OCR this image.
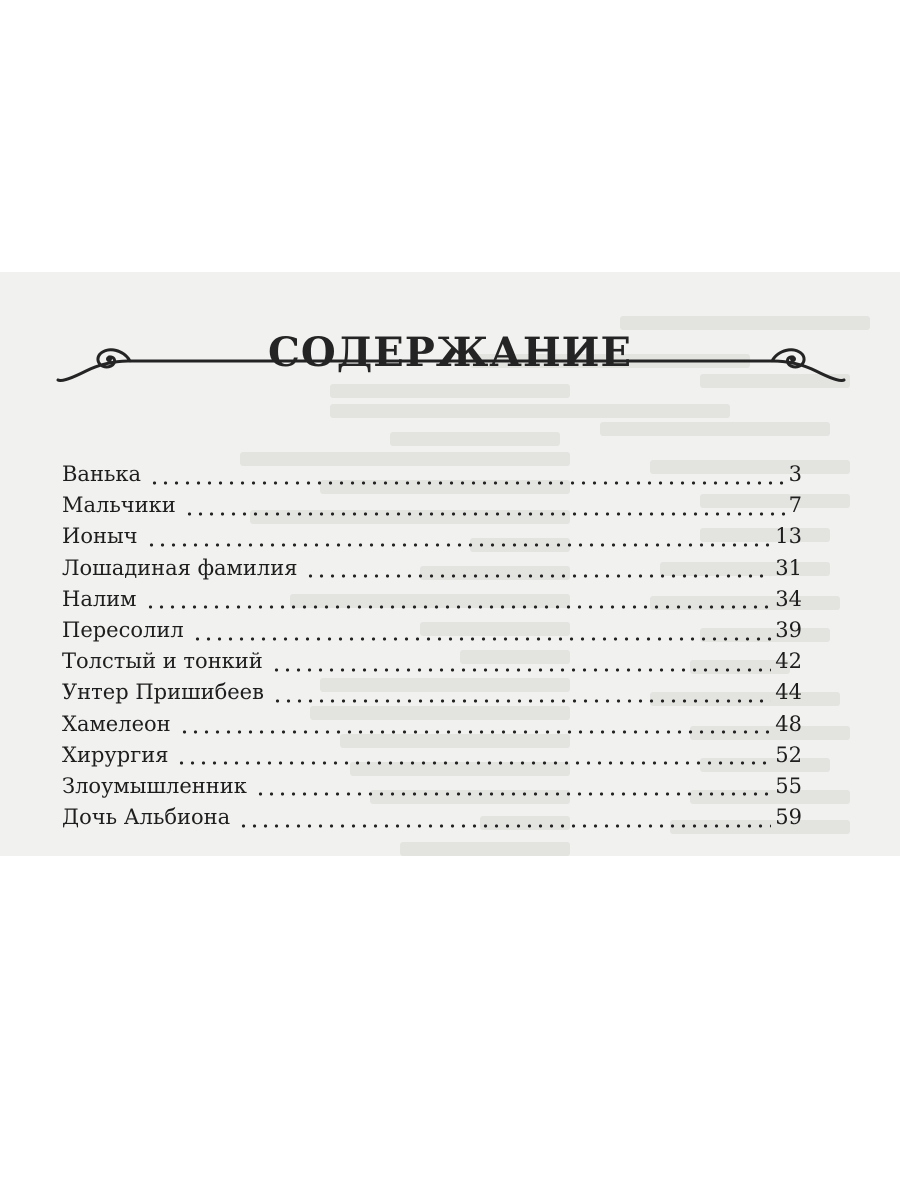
СОДЕРЖАНИЕ
Ванька	3
Мальчики	7
Ионыч	13
Лошадиная фамилия	31
Налим	34
Пересолил	39
Толстый и тонкий	42
Унтер Пришибеев	44
Хамелеон	48
Хирургия	52
Злоумышленник	55
Дочь Альбиона	59
